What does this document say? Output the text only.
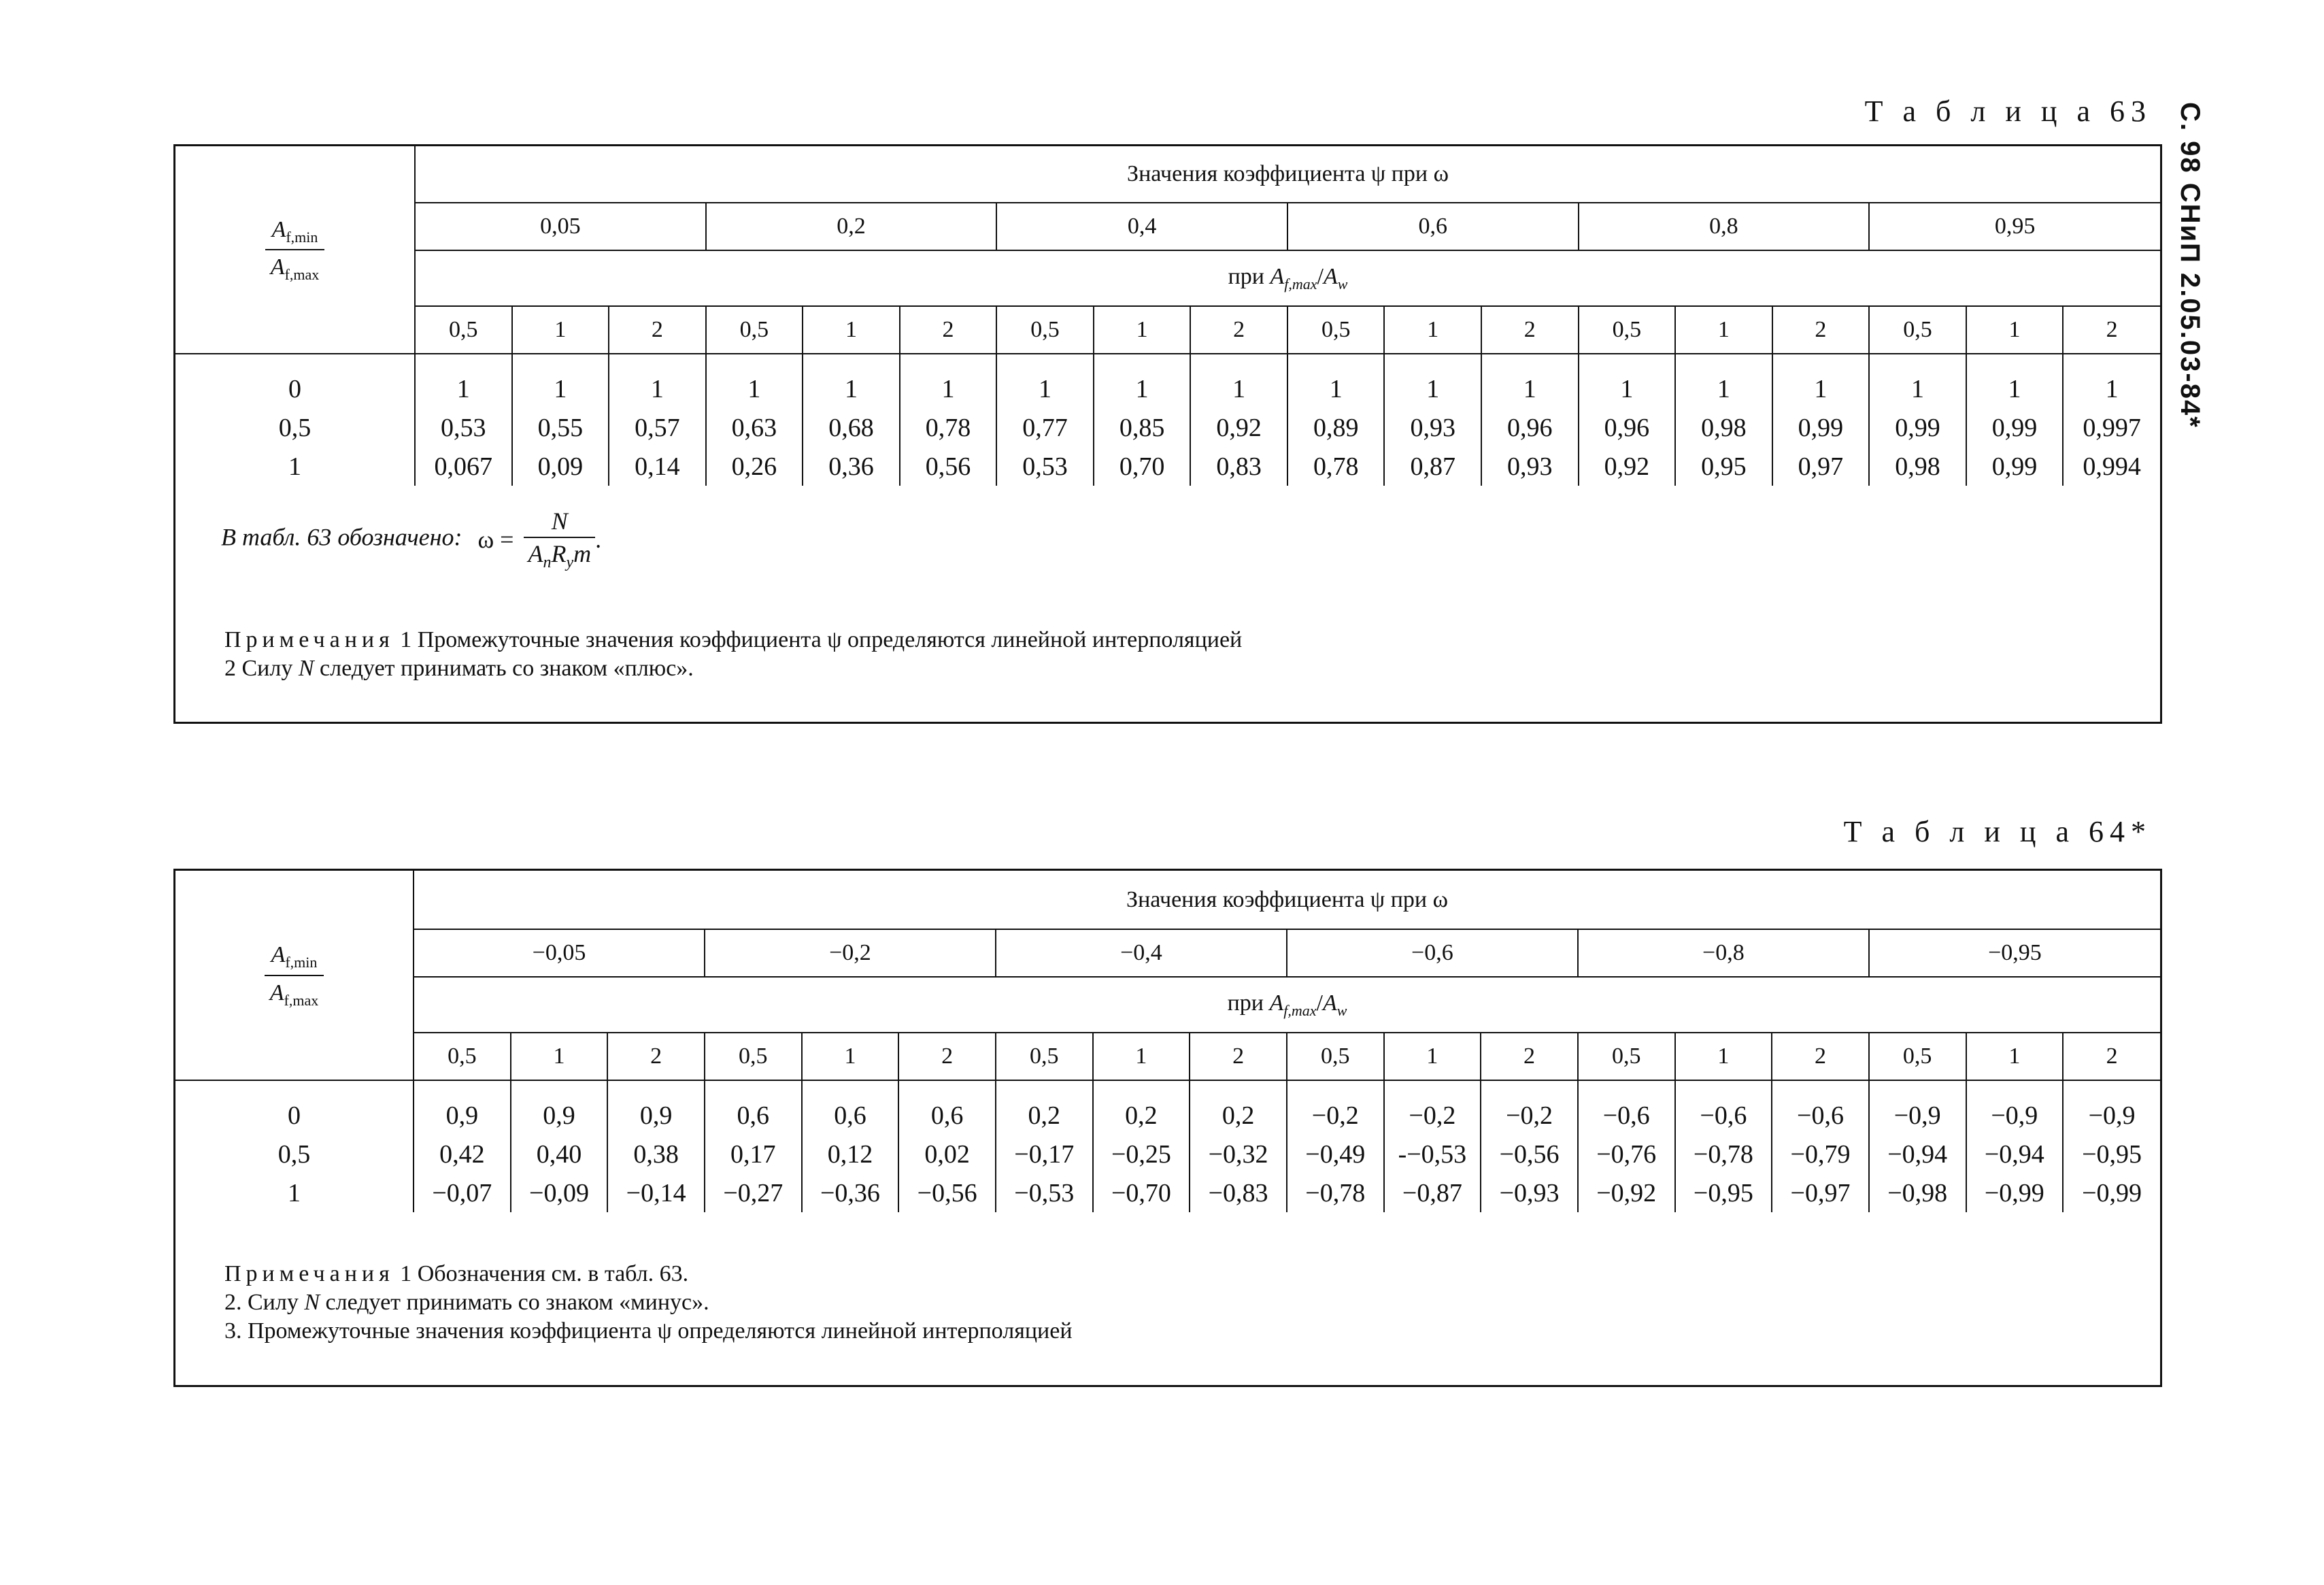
С. 98 СНиП 2.05.03-84*
Т а б л и ц а 63
$\frac{A_{f,min}}{A_{f,max}}$	Значения коэффициента ψ при ω																	
	0,05			0,2			0,4			0,6			0,8			0,95		
	при $A_{f,max}/A_w$
	0,5	1	2	0,5	1	2	0,5	1	2	0,5	1	2	0,5	1	2	0,5	1	2
0	1	1	1	1	1	1	1	1	1	1	1	1	1	1	1	1	1	1
0,5	0,53	0,55	0,57	0,63	0,68	0,78	0,77	0,85	0,92	0,89	0,93	0,96	0,96	0,98	0,99	0,99	0,99	0,997
1	0,067	0,09	0,14	0,26	0,36	0,56	0,53	0,70	0,83	0,78	0,87	0,93	0,92	0,95	0,97	0,98	0,99	0,994
В табл. 63 обозначено: ω =
N
$A_nR_ym$
.
Примечания 1 Промежуточные значения коэффициента ψ определяются линейной интерполяцией
2 Силу N следует принимать со знаком «плюс».
Т а б л и ц а 64*
$\frac{A_{f,min}}{A_{f,max}}$	Значения коэффициента ψ при ω																	
	−0,05			−0,2			−0,4			−0,6			−0,8			−0,95		
	при $A_{f,max}/A_w$
	0,5	1	2	0,5	1	2	0,5	1	2	0,5	1	2	0,5	1	2	0,5	1	2
0	0,9	0,9	0,9	0,6	0,6	0,6	0,2	0,2	0,2	−0,2	−0,2	−0,2	−0,6	−0,6	−0,6	−0,9	−0,9	−0,9
0,5	0,42	0,40	0,38	0,17	0,12	0,02	−0,17	−0,25	−0,32	−0,49	-−0,53	−0,56	−0,76	−0,78	−0,79	−0,94	−0,94	−0,95
1	−0,07	−0,09	−0,14	−0,27	−0,36	−0,56	−0,53	−0,70	−0,83	−0,78	−0,87	−0,93	−0,92	−0,95	−0,97	−0,98	−0,99	−0,99
Примечания 1 Обозначения см. в табл. 63.
2. Силу N следует принимать со знаком «минус».
3. Промежуточные значения коэффициента ψ определяются линейной интерполяцией
